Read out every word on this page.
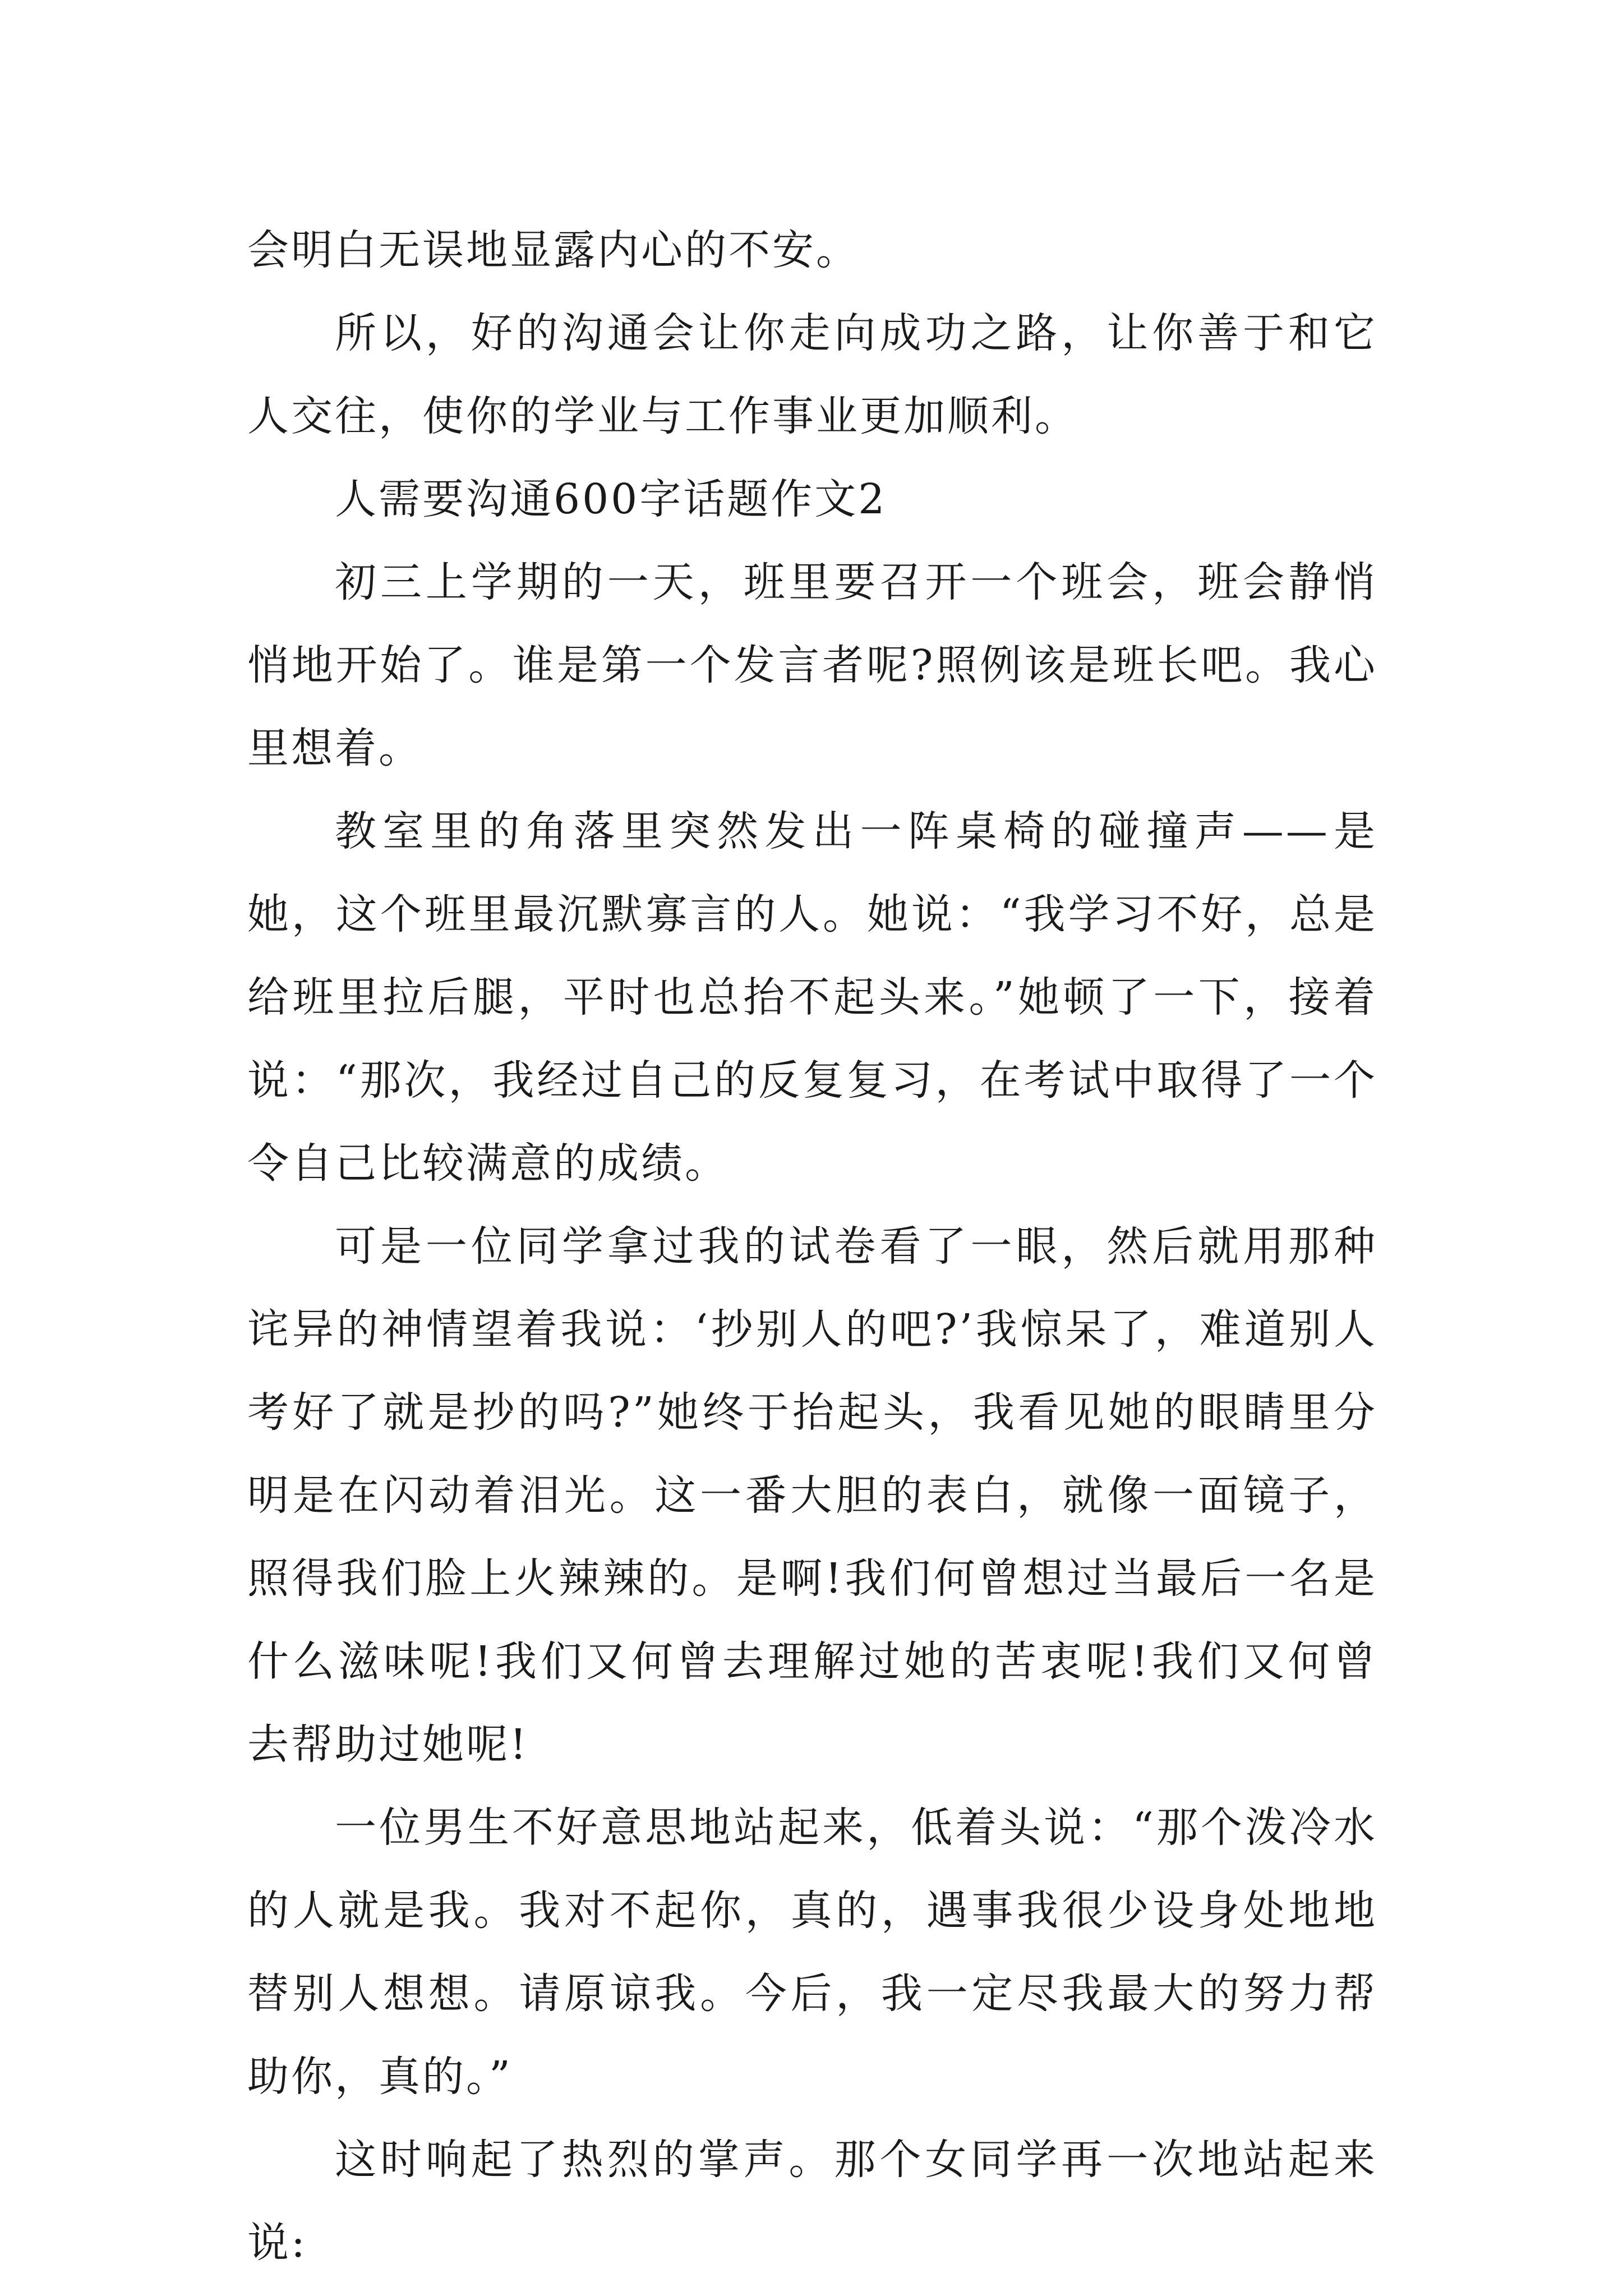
会明白无误地显露内心的不安。

所以，好的沟通会让你走向成功之路，让你善于和它人交往，使你的学业与工作事业更加顺利。

人需要沟通600字话题作文2

初三上学期的一天，班里要召开一个班会，班会静悄悄地开始了。谁是第一个发言者呢?照例该是班长吧。我心里想着。

教室里的角落里突然发出一阵桌椅的碰撞声——是她，这个班里最沉默寡言的人。她说：“我学习不好，总是给班里拉后腿，平时也总抬不起头来。”她顿了一下，接着说：“那次，我经过自己的反复复习，在考试中取得了一个令自己比较满意的成绩。

可是一位同学拿过我的试卷看了一眼，然后就用那种诧异的神情望着我说：‘抄别人的吧?’我惊呆了，难道别人考好了就是抄的吗?”她终于抬起头，我看见她的眼睛里分明是在闪动着泪光。这一番大胆的表白，就像一面镜子，照得我们脸上火辣辣的。是啊!我们何曾想过当最后一名是什么滋味呢!我们又何曾去理解过她的苦衷呢!我们又何曾去帮助过她呢!

一位男生不好意思地站起来，低着头说：“那个泼冷水的人就是我。我对不起你，真的，遇事我很少设身处地地替别人想想。请原谅我。今后，我一定尽我最大的努力帮助你，真的。”

这时响起了热烈的掌声。那个女同学再一次地站起来说:
